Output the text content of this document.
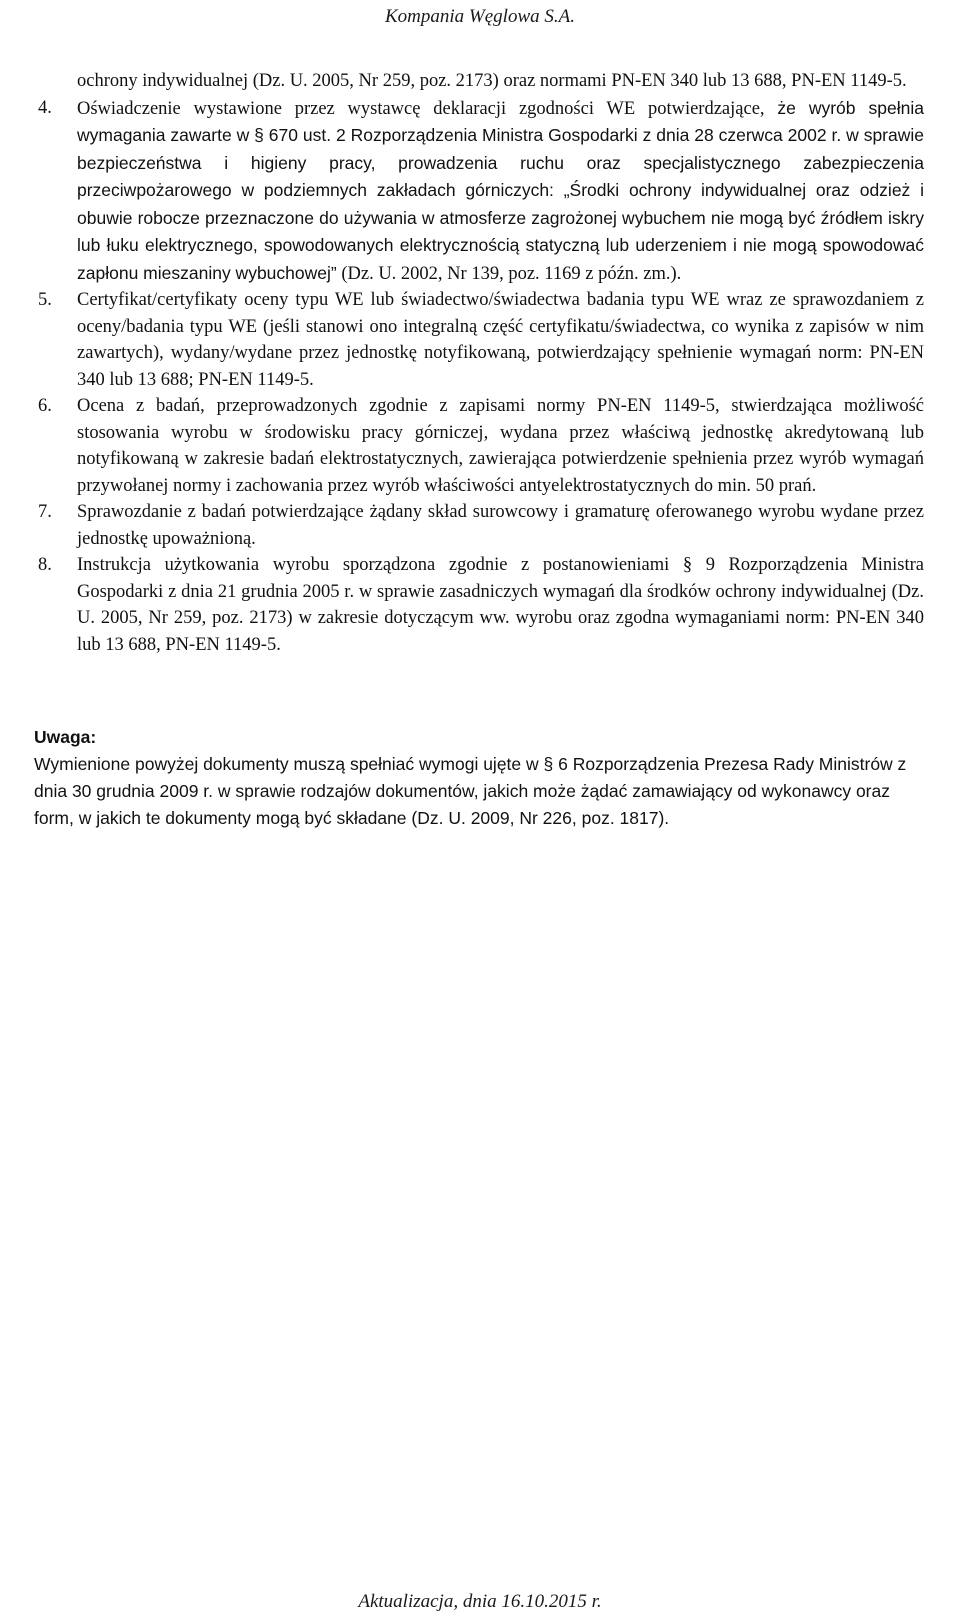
Kompania Węglowa S.A.
ochrony indywidualnej (Dz. U. 2005, Nr 259, poz. 2173) oraz normami PN-EN 340 lub 13 688, PN-EN 1149-5.
4. Oświadczenie wystawione przez wystawcę deklaracji zgodności WE potwierdzające, że wyrób spełnia wymagania zawarte w § 670 ust. 2 Rozporządzenia Ministra Gospodarki z dnia 28 czerwca 2002 r. w sprawie bezpieczeństwa i higieny pracy, prowadzenia ruchu oraz specjalistycznego zabezpieczenia przeciwpożarowego w podziemnych zakładach górniczych: „Środki ochrony indywidualnej oraz odzież i obuwie robocze przeznaczone do używania w atmosferze zagrożonej wybuchem nie mogą być źródłem iskry lub łuku elektrycznego, spowodowanych elektrycznością statyczną lub uderzeniem i nie mogą spowodować zapłonu mieszaniny wybuchowej” (Dz. U. 2002, Nr 139, poz. 1169 z późn. zm.).
5. Certyfikat/certyfikaty oceny typu WE lub świadectwo/świadectwa badania typu WE wraz ze sprawozdaniem z oceny/badania typu WE (jeśli stanowi ono integralną część certyfikatu/świadectwa, co wynika z zapisów w nim zawartych), wydany/wydane przez jednostkę notyfikowaną, potwierdzający spełnienie wymagań norm: PN-EN 340 lub 13 688; PN-EN 1149-5.
6. Ocena z badań, przeprowadzonych zgodnie z zapisami normy PN-EN 1149-5, stwierdzająca możliwość stosowania wyrobu w środowisku pracy górniczej, wydana przez właściwą jednostkę akredytowaną lub notyfikowaną w zakresie badań elektrostatycznych, zawierająca potwierdzenie spełnienia przez wyrób wymagań przywołanej normy i zachowania przez wyrób właściwości antyelektrostatycznych do min. 50 prań.
7. Sprawozdanie z badań potwierdzające żądany skład surowcowy i gramaturę oferowanego wyrobu wydane przez jednostkę upoważnioną.
8. Instrukcja użytkowania wyrobu sporządzona zgodnie z postanowieniami § 9 Rozporządzenia Ministra Gospodarki z dnia 21 grudnia 2005 r. w sprawie zasadniczych wymagań dla środków ochrony indywidualnej (Dz. U. 2005, Nr 259, poz. 2173) w zakresie dotyczącym ww. wyrobu oraz zgodna wymaganiami norm: PN-EN 340 lub 13 688, PN-EN 1149-5.
Uwaga:
Wymienione powyżej dokumenty muszą spełniać wymogi ujęte w § 6 Rozporządzenia Prezesa Rady Ministrów z dnia 30 grudnia 2009 r. w sprawie rodzajów dokumentów, jakich może żądać zamawiający od wykonawcy oraz form, w jakich te dokumenty mogą być składane (Dz. U. 2009, Nr 226, poz. 1817).
Aktualizacja, dnia 16.10.2015 r.
